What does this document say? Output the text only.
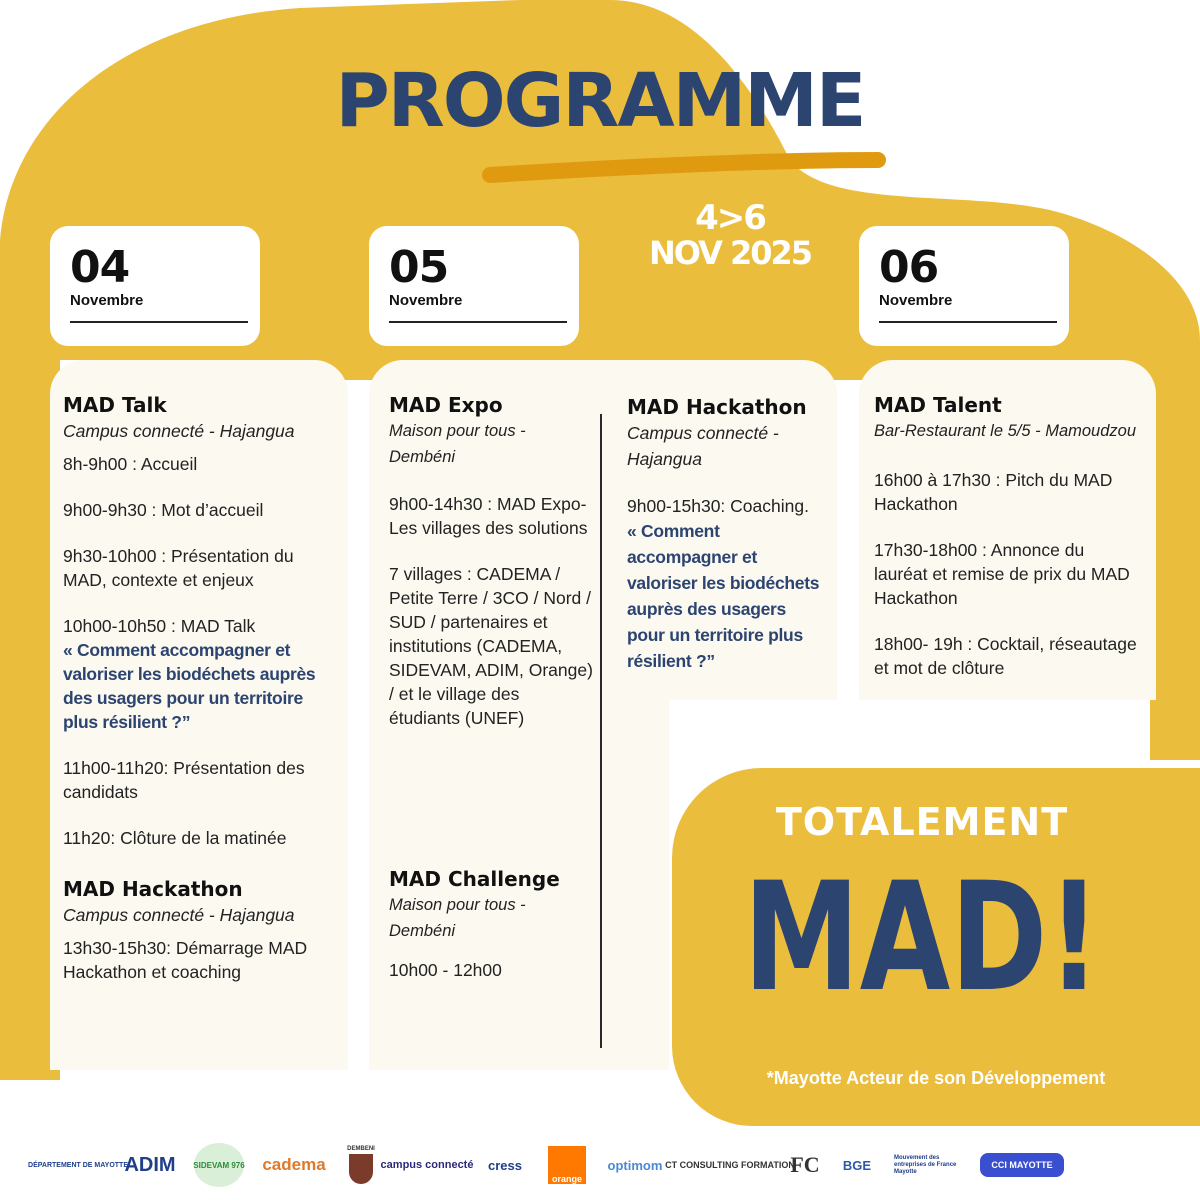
PROGRAMME
4>6
NOV 2025
04
Novembre
05
Novembre
06
Novembre
MAD Talk
Campus connecté - Hajangua
8h-9h00 : Accueil
9h00-9h30 : Mot d’accueil
9h30-10h00 : Présentation du MAD, contexte et enjeux
10h00-10h50 : MAD Talk
« Comment accompagner et valoriser les biodéchets auprès des usagers pour un territoire plus résilient ?”
11h00-11h20: Présentation des candidats
11h20: Clôture de la matinée
MAD Hackathon
Campus connecté - Hajangua
13h30-15h30: Démarrage MAD Hackathon et coaching
MAD Expo
Maison pour tous - Dembéni
9h00-14h30 : MAD Expo- Les villages des solutions
7 villages : CADEMA / Petite Terre / 3CO / Nord / SUD / partenaires et institutions (CADEMA, SIDEVAM, ADIM, Orange) / et le village des étudiants (UNEF)
MAD Challenge
Maison pour tous - Dembéni
10h00 - 12h00
MAD Hackathon
Campus connecté - Hajangua
9h00-15h30: Coaching.
« Comment accompagner et valoriser les biodéchets auprès des usagers pour un territoire plus résilient ?”
MAD Talent
Bar-Restaurant le 5/5 - Mamoudzou
16h00 à 17h30 : Pitch du MAD Hackathon
17h30-18h00 : Annonce du lauréat et remise de prix du MAD Hackathon
18h00- 19h : Cocktail, réseautage et mot de clôture
TOTALEMENT
MAD!
*Mayotte Acteur de son Développement
DÉPARTEMENT DE MAYOTTE
ADIM SIDEVAM 976 cadema
DEMBENI
campus connecté cress
orange
optimom CT CONSULTING FORMATION
FC BGE	Mouvement des entreprises de France Mayotte
CCI MAYOTTE
